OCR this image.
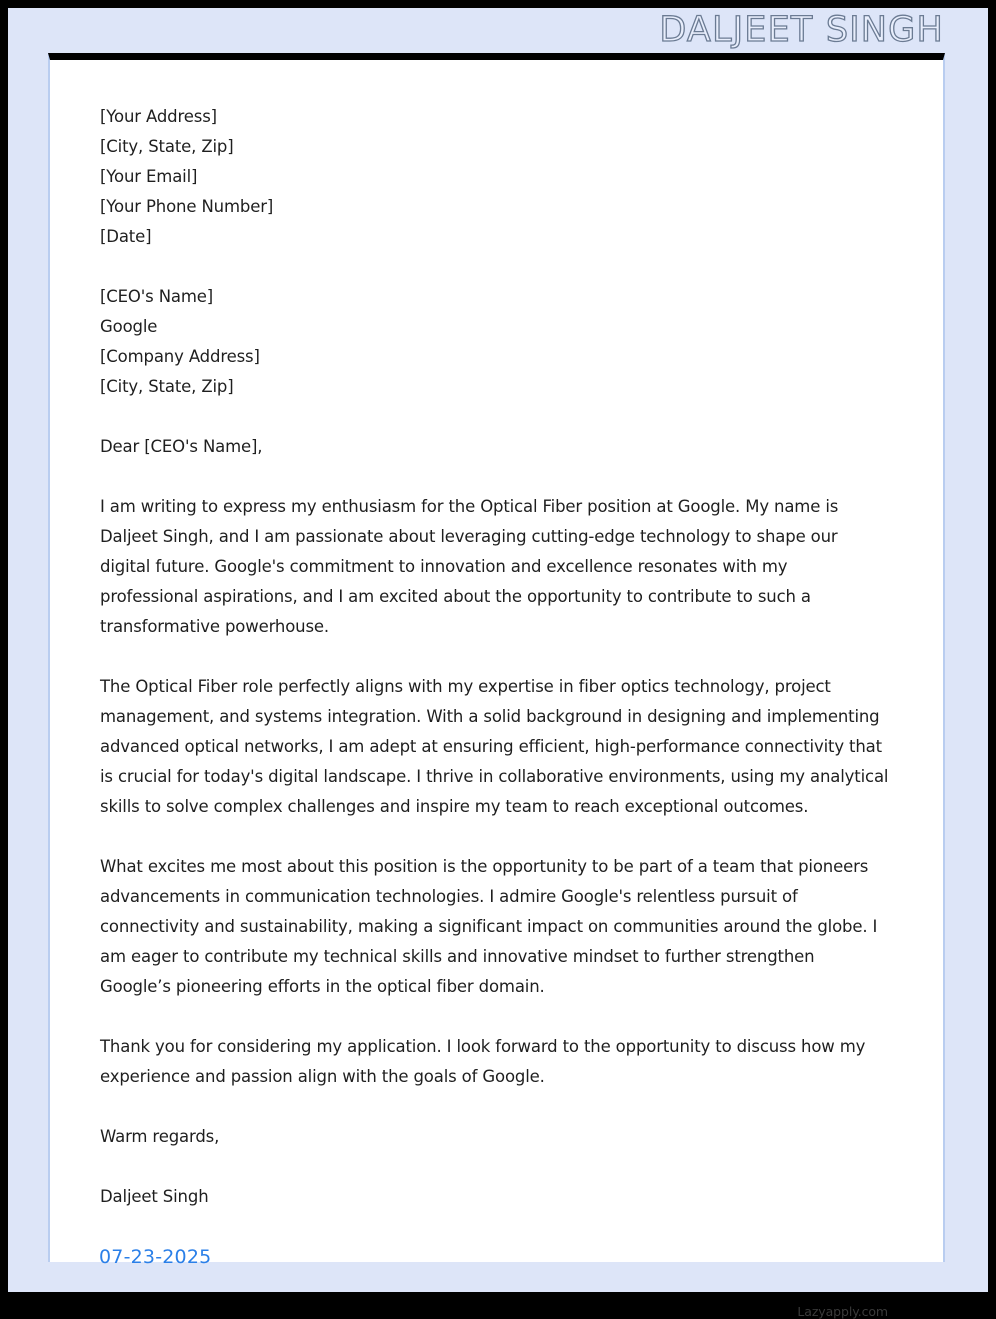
DALJEET SINGH
[Your Address]
[City, State, Zip]
[Your Email]
[Your Phone Number]
[Date]
[CEO's Name]
Google
[Company Address]
[City, State, Zip]
Dear [CEO's Name],
I am writing to express my enthusiasm for the Optical Fiber position at Google. My name is Daljeet Singh, and I am passionate about leveraging cutting-edge technology to shape our digital future. Google's commitment to innovation and excellence resonates with my professional aspirations, and I am excited about the opportunity to contribute to such a transformative powerhouse.
The Optical Fiber role perfectly aligns with my expertise in fiber optics technology, project management, and systems integration. With a solid background in designing and implementing advanced optical networks, I am adept at ensuring efficient, high-performance connectivity that is crucial for today's digital landscape. I thrive in collaborative environments, using my analytical skills to solve complex challenges and inspire my team to reach exceptional outcomes.
What excites me most about this position is the opportunity to be part of a team that pioneers advancements in communication technologies. I admire Google's relentless pursuit of connectivity and sustainability, making a significant impact on communities around the globe. I am eager to contribute my technical skills and innovative mindset to further strengthen Google’s pioneering efforts in the optical fiber domain.
Thank you for considering my application. I look forward to the opportunity to discuss how my experience and passion align with the goals of Google.
Warm regards,
Daljeet Singh
Lazyapply.com
07-23-2025
